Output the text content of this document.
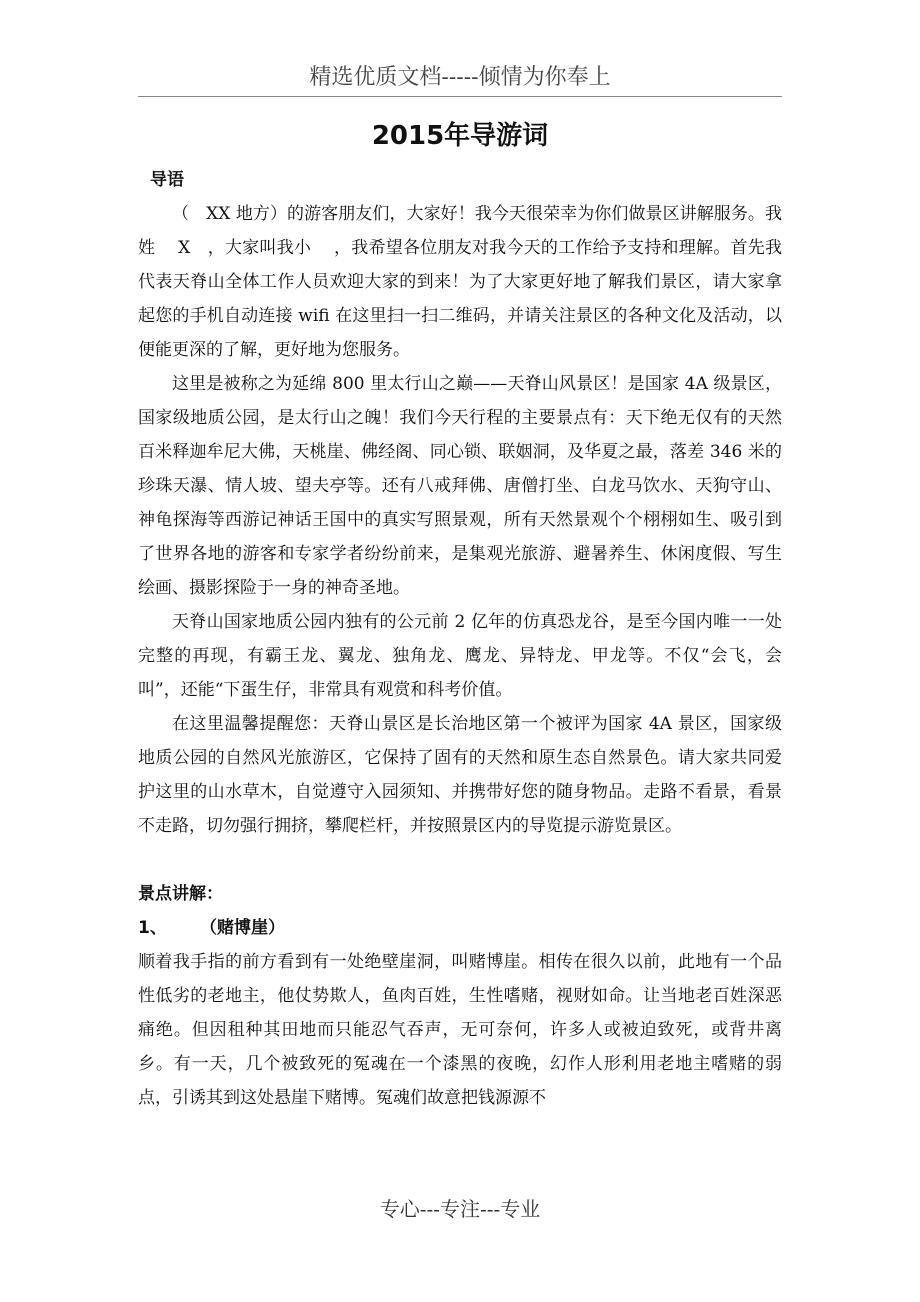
精选优质文档-----倾情为你奉上
2015年导游词

导语

（　XX 地方）的游客朋友们，大家好！我今天很荣幸为你们做景区讲解服务。我姓　 X　，大家叫我小　 ，我希望各位朋友对我今天的工作给予支持和理解。首先我代表天脊山全体工作人员欢迎大家的到来！为了大家更好地了解我们景区，请大家拿起您的手机自动连接 wifi 在这里扫一扫二维码，并请关注景区的各种文化及活动，以便能更深的了解，更好地为您服务。

这里是被称之为延绵 800 里太行山之巅——天脊山风景区！是国家 4A 级景区，国家级地质公园，是太行山之魄！我们今天行程的主要景点有：天下绝无仅有的天然百米释迦牟尼大佛，天桃崖、佛经阁、同心锁、联姻洞，及华夏之最，落差 346 米的珍珠天瀑、情人坡、望夫亭等。还有八戒拜佛、唐僧打坐、白龙马饮水、天狗守山、神龟探海等西游记神话王国中的真实写照景观，所有天然景观个个栩栩如生、吸引到了世界各地的游客和专家学者纷纷前来，是集观光旅游、避暑养生、休闲度假、写生绘画、摄影探险于一身的神奇圣地。

天脊山国家地质公园内独有的公元前 2 亿年的仿真恐龙谷，是至今国内唯一一处完整的再现，有霸王龙、翼龙、独角龙、鹰龙、异特龙、甲龙等。不仅“会飞，会叫”，还能“下蛋生仔，非常具有观赏和科考价值。

在这里温馨提醒您：天脊山景区是长治地区第一个被评为国家 4A 景区，国家级地质公园的自然风光旅游区，它保持了固有的天然和原生态自然景色。请大家共同爱护这里的山水草木，自觉遵守入园须知、并携带好您的随身物品。走路不看景，看景不走路，切勿强行拥挤，攀爬栏杆，并按照景区内的导览提示游览景区。

景点讲解：

1、 （赌博崖）

顺着我手指的前方看到有一处绝壁崖洞，叫赌博崖。相传在很久以前，此地有一个品性低劣的老地主，他仗势欺人，鱼肉百姓，生性嗜赌，视财如命。让当地老百姓深恶痛绝。但因租种其田地而只能忍气吞声，无可奈何，许多人或被迫致死，或背井离乡。有一天，几个被致死的冤魂在一个漆黑的夜晚，幻作人形利用老地主嗜赌的弱点，引诱其到这处悬崖下赌博。冤魂们故意把钱源源不

专心---专注---专业
